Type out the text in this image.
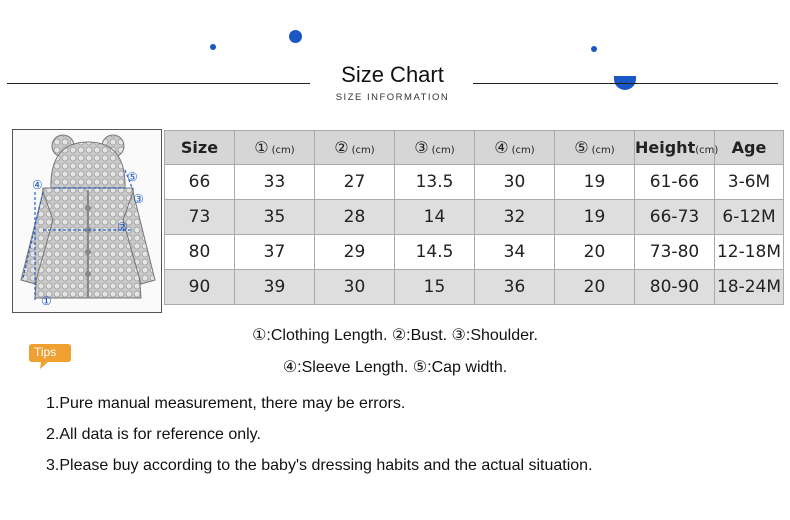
Size Chart
SIZE INFORMATION
④
⑤
③
②
①
Size	① (cm)	② (cm)	③ (cm)	④ (cm)	⑤ (cm)	Height(cm)	Age
66	33	27	13.5	30	19	61-66	3-6M
73	35	28	14	32	19	66-73	6-12M
80	37	29	14.5	34	20	73-80	12-18M
90	39	30	15	36	20	80-90	18-24M
①:Clothing Length. ②:Bust. ③:Shoulder.
④:Sleeve Length. ⑤:Cap width.
Tips
1.Pure manual measurement, there may be errors.
2.All data is for reference only.
3.Please buy according to the baby's dressing habits and the actual situation.
